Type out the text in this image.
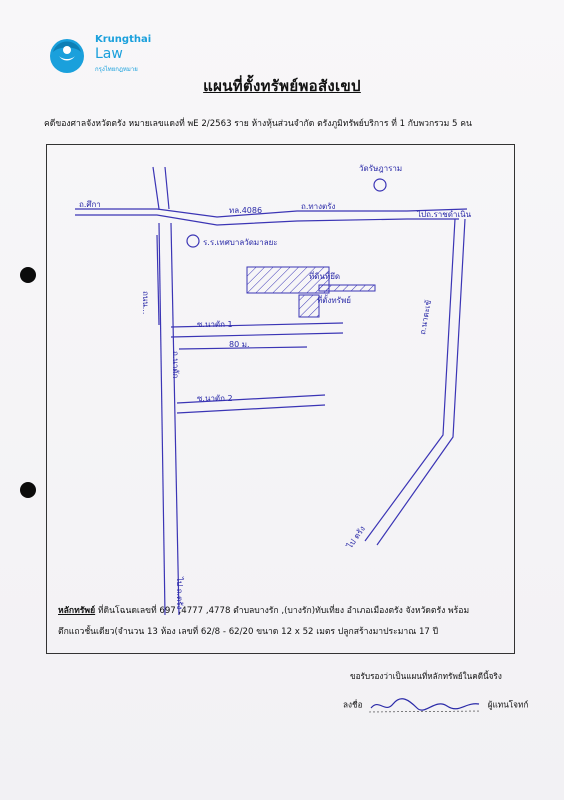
Krungthai
Law
กรุงไทยกฎหมาย
แผนที่ตั้งทรัพย์พอสังเขป
คดีของศาลจังหวัดตรัง หมายเลขแดงที่ พE 2/2563 ราย ห้างหุ้นส่วนจำกัด ตรังภูมิทรัพย์บริการ ที่ 1 กับพวกรวม 5 คน
ถ.ศึกา
ทล.4086	ถ.ทางตรัง
ไปถ.ราชดำเนิน
วัดรัษฎาราม
ร.ร.เทศบาลวัดมาลยะ
ที่ดินที่ยึด
ที่ตั้งทรัพย์
ซ.นาตัก 1
80 ม.
ซ.นาตัก 2
ถนน...
ถ.นาตัก
ถ.นาตะเข้
ไป ถ.ตรัง
ไป ตรัง
หลักทรัพย์ ที่ดินโฉนดเลขที่ 697 ,4777 ,4778 ตำบลบางรัก ,(บางรัก)ทับเที่ยง อำเภอเมืองตรัง จังหวัดตรัง พร้อม
ตึกแถวชั้นเดียว(จำนวน 13 ห้อง เลขที่ 62/8 - 62/20 ขนาด 12 x 52 เมตร ปลูกสร้างมาประมาณ 17 ปี
ขอรับรองว่าเป็นแผนที่หลักทรัพย์ในคดีนี้จริง
ลงชื่อ	ผู้แทนโจทก์
